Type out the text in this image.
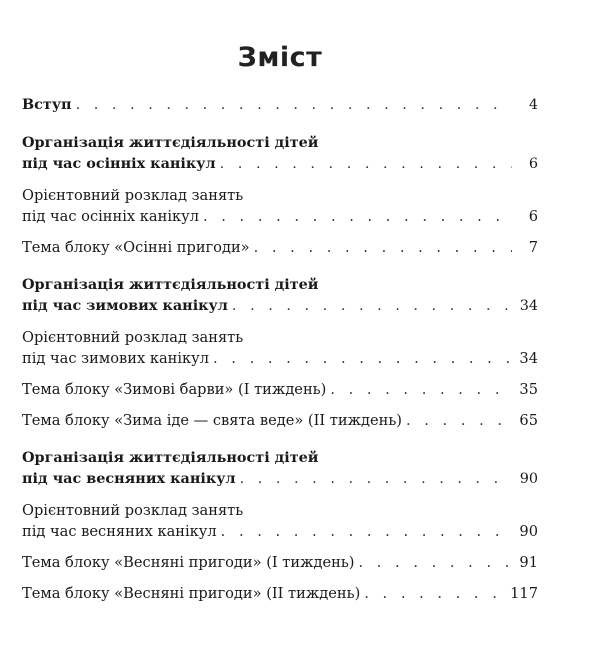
Зміст
Вступ . . .	4
Організація життєдіяльності дітей
під час осінніх канікул . . .	6
Орієнтовний розклад занять
під час осінніх канікул . . .	6
Тема блоку «Осінні пригоди» . . .	7
Організація життєдіяльності дітей
під час зимових канікул . . .	34
Орієнтовний розклад занять
під час зимових канікул . . .	34
Тема блоку «Зимові барви» (І тиждень) . . .	35
Тема блоку «Зима іде — свята веде» (ІІ тиждень) . . .	65
Організація життєдіяльності дітей
під час весняних канікул . . .	90
Орієнтовний розклад занять
під час весняних канікул . . .	90
Тема блоку «Весняні пригоди» (І тиждень) . . .	91
Тема блоку «Весняні пригоди» (ІІ тиждень) . . .	117
